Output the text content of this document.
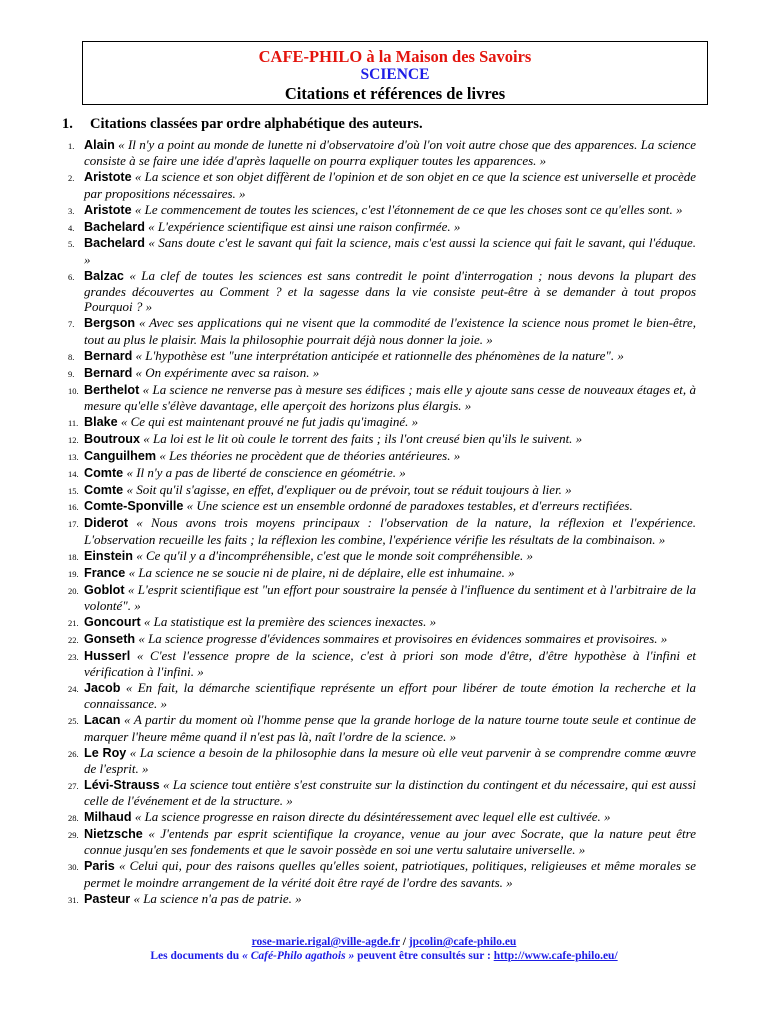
CAFE-PHILO à la Maison des Savoirs
SCIENCE
Citations et références de livres
1. Citations classées par ordre alphabétique des auteurs.
1. Alain « Il n'y a point au monde de lunette ni d'observatoire d'où l'on voit autre chose que des apparences. La science consiste à se faire une idée d'après laquelle on pourra expliquer toutes les apparences. »
2. Aristote « La science et son objet diffèrent de l'opinion et de son objet en ce que la science est universelle et procède par propositions nécessaires. »
3. Aristote « Le commencement de toutes les sciences, c'est l'étonnement de ce que les choses sont ce qu'elles sont. »
4. Bachelard « L'expérience scientifique est ainsi une raison confirmée. »
5. Bachelard « Sans doute c'est le savant qui fait la science, mais c'est aussi la science qui fait le savant, qui l'éduque. »
6. Balzac « La clef de toutes les sciences est sans contredit le point d'interrogation ; nous devons la plupart des grandes découvertes au Comment ? et la sagesse dans la vie consiste peut-être à se demander à tout propos Pourquoi ? »
7. Bergson « Avec ses applications qui ne visent que la commodité de l'existence la science nous promet le bien-être, tout au plus le plaisir. Mais la philosophie pourrait déjà nous donner la joie. »
8. Bernard « L'hypothèse est "une interprétation anticipée et rationnelle des phénomènes de la nature". »
9. Bernard « On expérimente avec sa raison. »
10. Berthelot « La science ne renverse pas à mesure ses édifices ; mais elle y ajoute sans cesse de nouveaux étages et, à mesure qu'elle s'élève davantage, elle aperçoit des horizons plus élargis. »
11. Blake « Ce qui est maintenant prouvé ne fut jadis qu'imaginé. »
12. Boutroux « La loi est le lit où coule le torrent des faits ; ils l'ont creusé bien qu'ils le suivent. »
13. Canguilhem « Les théories ne procèdent que de théories antérieures. »
14. Comte « Il n'y a pas de liberté de conscience en géométrie. »
15. Comte « Soit qu'il s'agisse, en effet, d'expliquer ou de prévoir, tout se réduit toujours à lier. »
16. Comte-Sponville « Une science est un ensemble ordonné de paradoxes testables, et d'erreurs rectifiées.
17. Diderot « Nous avons trois moyens principaux : l'observation de la nature, la réflexion et l'expérience. L'observation recueille les faits ; la réflexion les combine, l'expérience vérifie les résultats de la combinaison. »
18. Einstein « Ce qu'il y a d'incompréhensible, c'est que le monde soit compréhensible. »
19. France « La science ne se soucie ni de plaire, ni de déplaire, elle est inhumaine. »
20. Goblot « L'esprit scientifique est "un effort pour soustraire la pensée à l'influence du sentiment et à l'arbitraire de la volonté". »
21. Goncourt « La statistique est la première des sciences inexactes. »
22. Gonseth « La science progresse d'évidences sommaires et provisoires en évidences sommaires et provisoires. »
23. Husserl « C'est l'essence propre de la science, c'est à priori son mode d'être, d'être hypothèse à l'infini et vérification à l'infini. »
24. Jacob « En fait, la démarche scientifique représente un effort pour libérer de toute émotion la recherche et la connaissance. »
25. Lacan « A partir du moment où l'homme pense que la grande horloge de la nature tourne toute seule et continue de marquer l'heure même quand il n'est pas là, naît l'ordre de la science. »
26. Le Roy « La science a besoin de la philosophie dans la mesure où elle veut parvenir à se comprendre comme œuvre de l'esprit. »
27. Lévi-Strauss « La science tout entière s'est construite sur la distinction du contingent et du nécessaire, qui est aussi celle de l'événement et de la structure. »
28. Milhaud « La science progresse en raison directe du désintéressement avec lequel elle est cultivée. »
29. Nietzsche « J'entends par esprit scientifique la croyance, venue au jour avec Socrate, que la nature peut être connue jusqu'en ses fondements et que le savoir possède en soi une vertu salutaire universelle. »
30. Paris « Celui qui, pour des raisons quelles qu'elles soient, patriotiques, politiques, religieuses et même morales se permet le moindre arrangement de la vérité doit être rayé de l'ordre des savants. »
31. Pasteur « La science n'a pas de patrie. »
rose-marie.rigal@ville-agde.fr / jpcolin@cafe-philo.eu
Les documents du « Café-Philo agathois » peuvent être consultés sur : http://www.cafe-philo.eu/
